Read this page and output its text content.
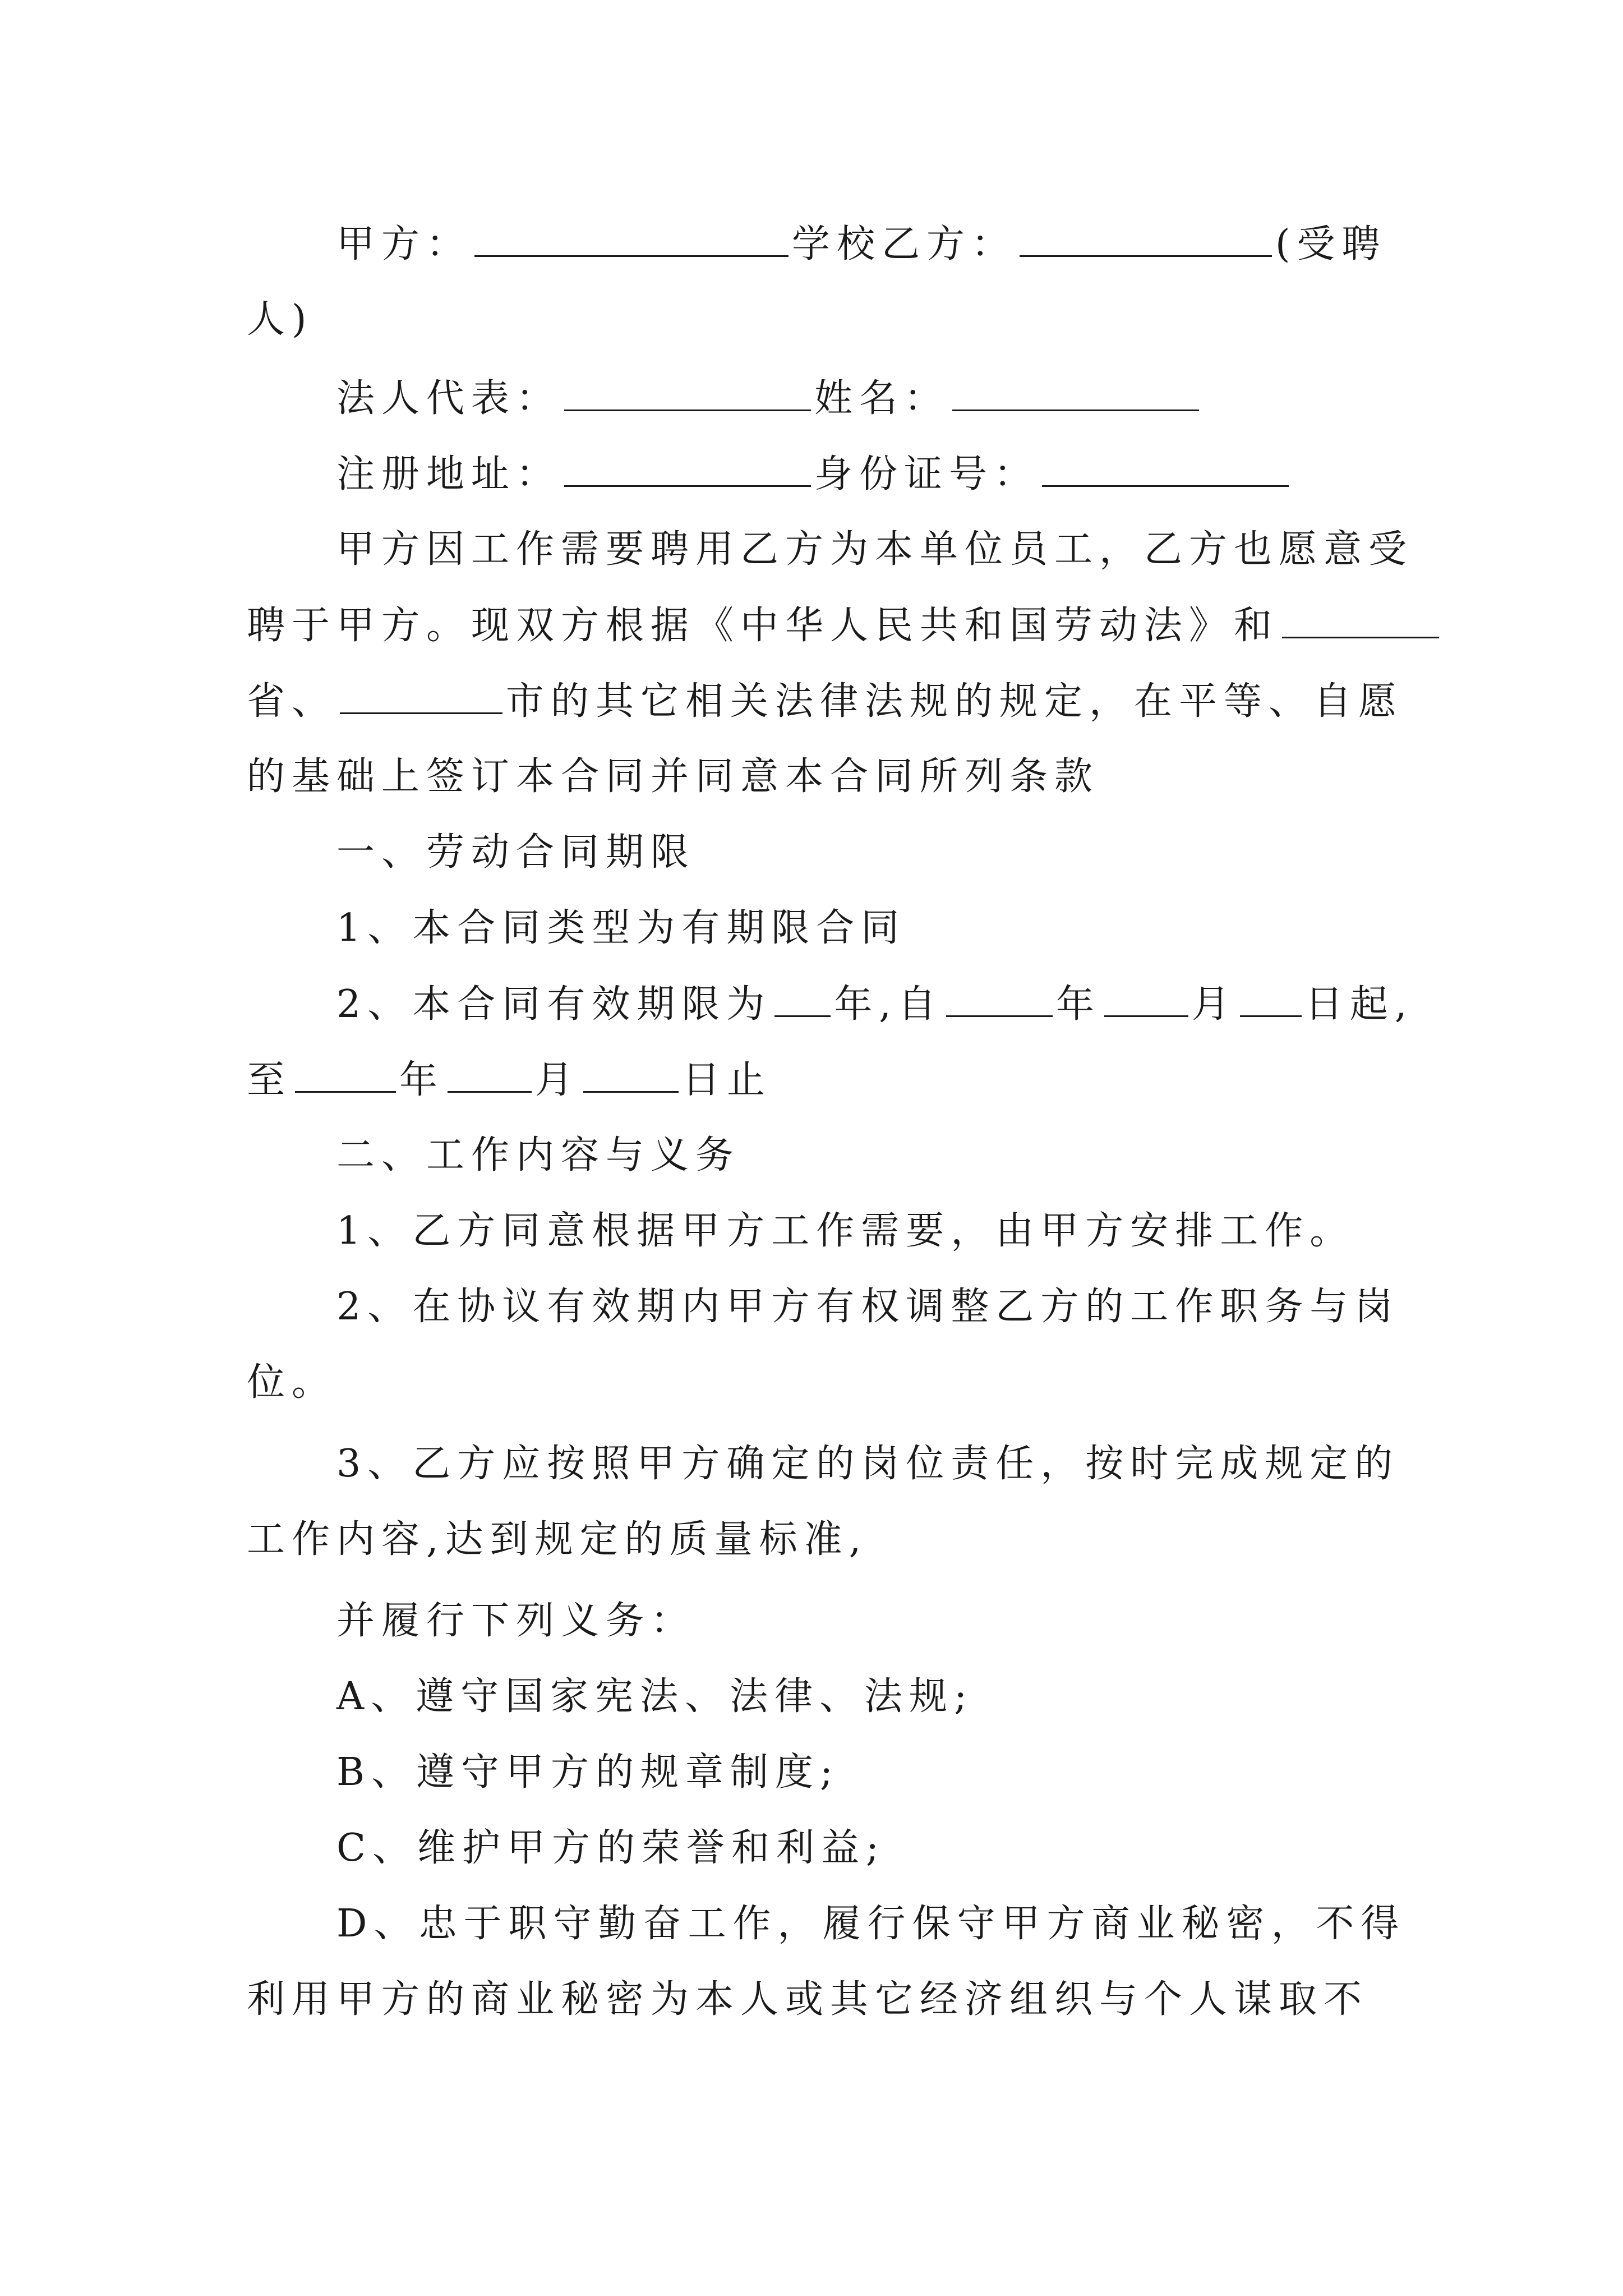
甲方：	学校乙方：	(受聘

人)

法人代表：	姓名：

注册地址：	身份证号：

甲方因工作需要聘用乙方为本单位员工，乙方也愿意受

聘于甲方。现双方根据《中华人民共和国劳动法》和

省、	市的其它相关法律法规的规定，在平等、自愿

的基础上签订本合同并同意本合同所列条款

一、劳动合同期限

1、本合同类型为有期限合同

2、本合同有效期限为 年,自	年 月 日起,

至	年 月	日止

二、工作内容与义务

1、乙方同意根据甲方工作需要，由甲方安排工作。

2、在协议有效期内甲方有权调整乙方的工作职务与岗

位。

3、乙方应按照甲方确定的岗位责任，按时完成规定的

工作内容,达到规定的质量标准,

并履行下列义务：

A、遵守国家宪法、法律、法规;

B、遵守甲方的规章制度;

C、维护甲方的荣誉和利益;

D、忠于职守勤奋工作，履行保守甲方商业秘密，不得

利用甲方的商业秘密为本人或其它经济组织与个人谋取不
